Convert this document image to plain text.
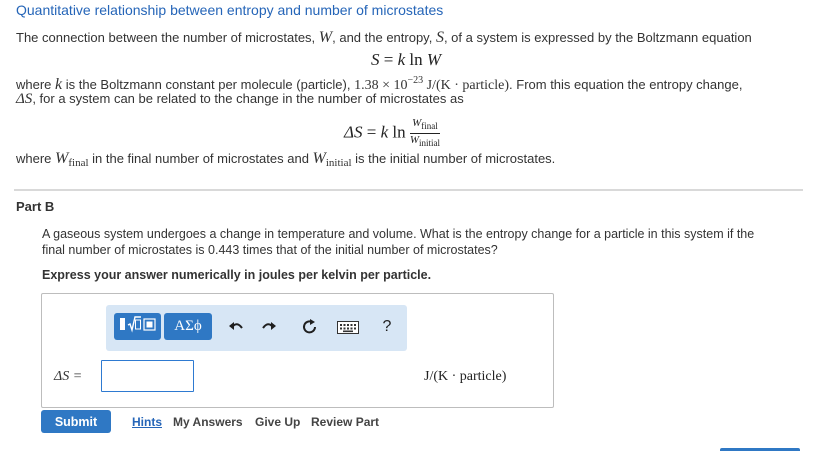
Quantitative relationship between entropy and number of microstates
The connection between the number of microstates, W, and the entropy, S, of a system is expressed by the Boltzmann equation
S = k ln W
where k is the Boltzmann constant per molecule (particle), $1.38 \times 10^{-23}$ J/(K · particle). From this equation the entropy change,
ΔS, for a system can be related to the change in the number of microstates as
ΔS = k $\ln \frac{W_{final}}{W_{initial}}$
where $W_{final}$ in the final number of microstates and $W_{initial}$ is the initial number of microstates.
Part B
A gaseous system undergoes a change in temperature and volume. What is the entropy change for a particle in this system if the
final number of microstates is 0.443 times that of the initial number of microstates?
Express your answer numerically in joules per kelvin per particle.
ΑΣϕ	?
ΔS =	J/(K · particle)
Submit	Hints My Answers Give Up Review Part
